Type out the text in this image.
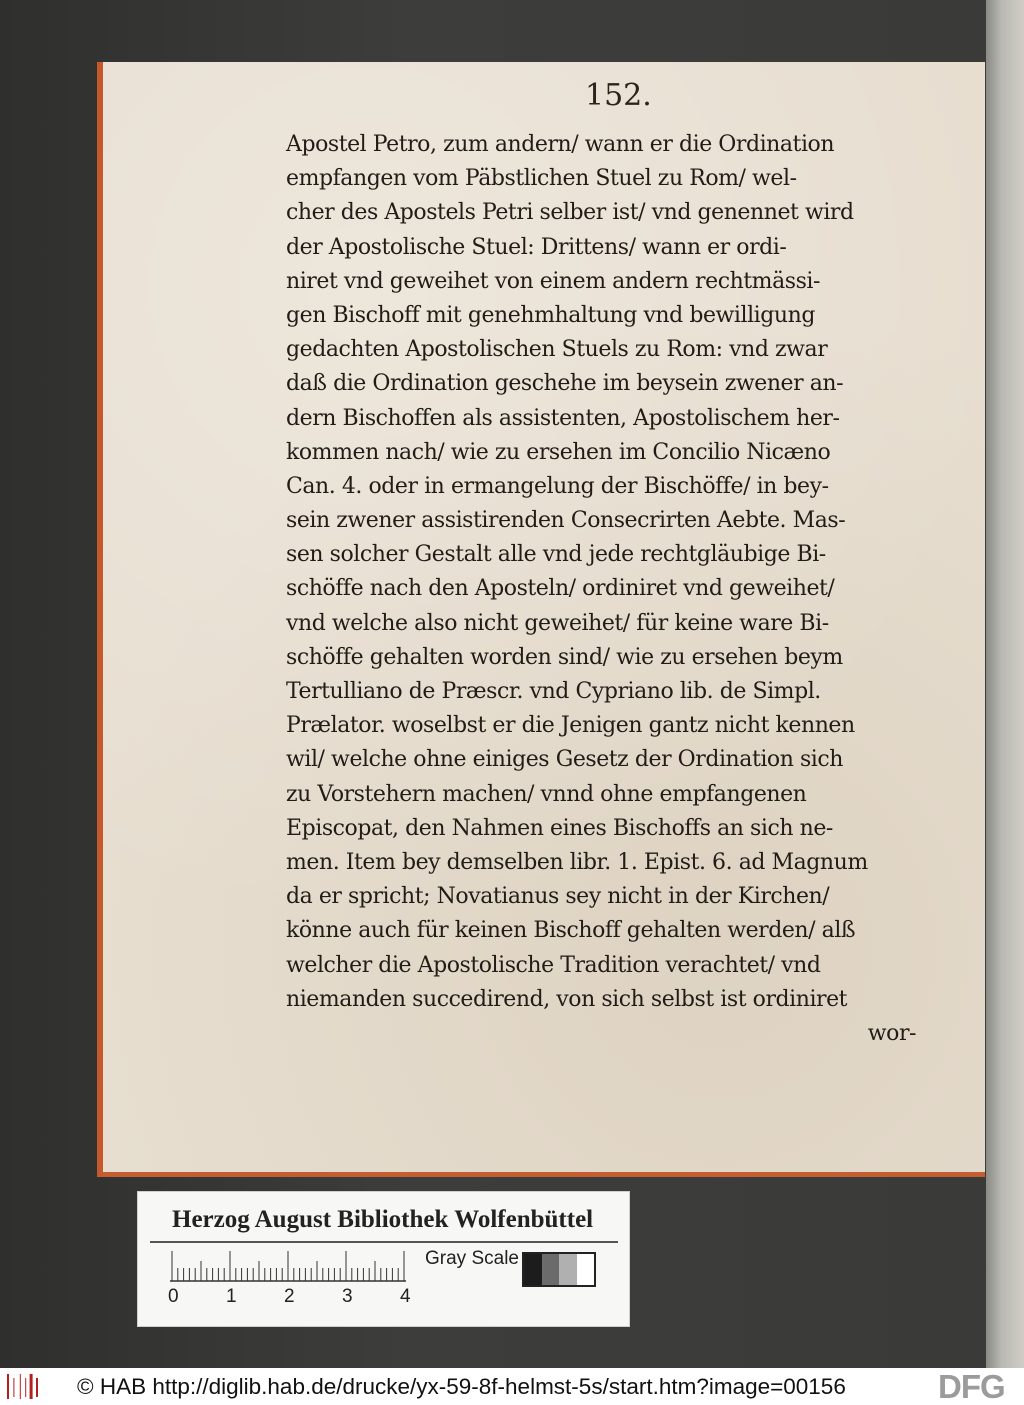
152.
Apostel Petro, zum andern/ wann er die Ordination
empfangen vom Päbstlichen Stuel zu Rom/ wel-
cher des Apostels Petri selber ist/ vnd genennet wird
der Apostolische Stuel: Drittens/ wann er ordi-
niret vnd geweihet von einem andern rechtmässi-
gen Bischoff mit genehmhaltung vnd bewilligung
gedachten Apostolischen Stuels zu Rom: vnd zwar
daß die Ordination geschehe im beysein zwener an-
dern Bischoffen als assistenten, Apostolischem her-
kommen nach/ wie zu ersehen im Concilio Nicæno
Can. 4. oder in ermangelung der Bischöffe/ in bey-
sein zwener assistirenden Consecrirten Aebte. Mas-
sen solcher Gestalt alle vnd jede rechtgläubige Bi-
schöffe nach den Aposteln/ ordiniret vnd geweihet/
vnd welche also nicht geweihet/ für keine ware Bi-
schöffe gehalten worden sind/ wie zu ersehen beym
Tertulliano de Præscr. vnd Cypriano lib. de Simpl.
Prælator. woselbst er die Jenigen gantz nicht kennen
wil/ welche ohne einiges Gesetz der Ordination sich
zu Vorstehern machen/ vnnd ohne empfangenen
Episcopat, den Nahmen eines Bischoffs an sich ne-
men. Item bey demselben libr. 1. Epist. 6. ad Magnum
da er spricht; Novatianus sey nicht in der Kirchen/
könne auch für keinen Bischoff gehalten werden/ alß
welcher die Apostolische Tradition verachtet/ vnd
niemanden succedirend, von sich selbst ist ordiniret
wor-
Herzog August Bibliothek Wolfenbüttel
0 1 2 3 4
Gray Scale
© HAB http://diglib.hab.de/drucke/yx-59-8f-helmst-5s/start.htm?image=00156	DFG
